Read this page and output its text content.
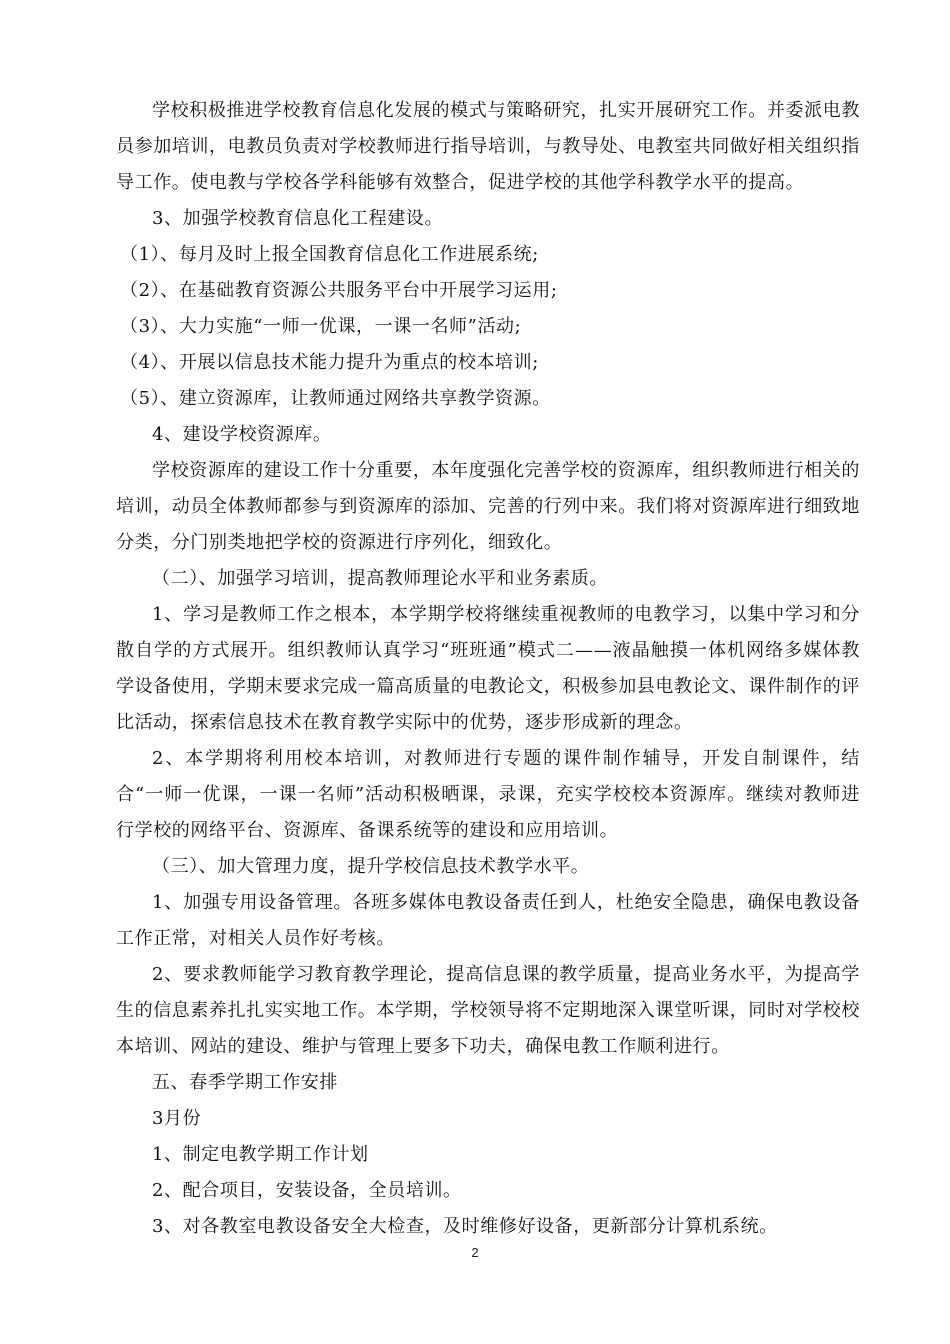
学校积极推进学校教育信息化发展的模式与策略研究，扎实开展研究工作。并委派电教员参加培训，电教员负责对学校教师进行指导培训，与教导处、电教室共同做好相关组织指导工作。使电教与学校各学科能够有效整合，促进学校的其他学科教学水平的提高。

3、加强学校教育信息化工程建设。

（1）、每月及时上报全国教育信息化工作进展系统;

（2）、在基础教育资源公共服务平台中开展学习运用;

（3）、大力实施“一师一优课，一课一名师”活动;

（4）、开展以信息技术能力提升为重点的校本培训;

（5）、建立资源库，让教师通过网络共享教学资源。

4、建设学校资源库。

学校资源库的建设工作十分重要，本年度强化完善学校的资源库，组织教师进行相关的培训，动员全体教师都参与到资源库的添加、完善的行列中来。我们将对资源库进行细致地分类，分门别类地把学校的资源进行序列化，细致化。

（二）、加强学习培训，提高教师理论水平和业务素质。

1、学习是教师工作之根本，本学期学校将继续重视教师的电教学习，以集中学习和分散自学的方式展开。组织教师认真学习“班班通”模式二——液晶触摸一体机网络多媒体教学设备使用，学期末要求完成一篇高质量的电教论文，积极参加县电教论文、课件制作的评比活动，探索信息技术在教育教学实际中的优势，逐步形成新的理念。

2、本学期将利用校本培训，对教师进行专题的课件制作辅导，开发自制课件，结合“一师一优课，一课一名师”活动积极晒课，录课，充实学校校本资源库。继续对教师进行学校的网络平台、资源库、备课系统等的建设和应用培训。

（三）、加大管理力度，提升学校信息技术教学水平。

1、加强专用设备管理。各班多媒体电教设备责任到人，杜绝安全隐患，确保电教设备工作正常，对相关人员作好考核。

2、要求教师能学习教育教学理论，提高信息课的教学质量，提高业务水平，为提高学生的信息素养扎扎实实地工作。本学期，学校领导将不定期地深入课堂听课，同时对学校校本培训、网站的建设、维护与管理上要多下功夫，确保电教工作顺利进行。

五、春季学期工作安排

3月份

1、制定电教学期工作计划

2、配合项目，安装设备，全员培训。

3、对各教室电教设备安全大检查，及时维修好设备，更新部分计算机系统。

2
